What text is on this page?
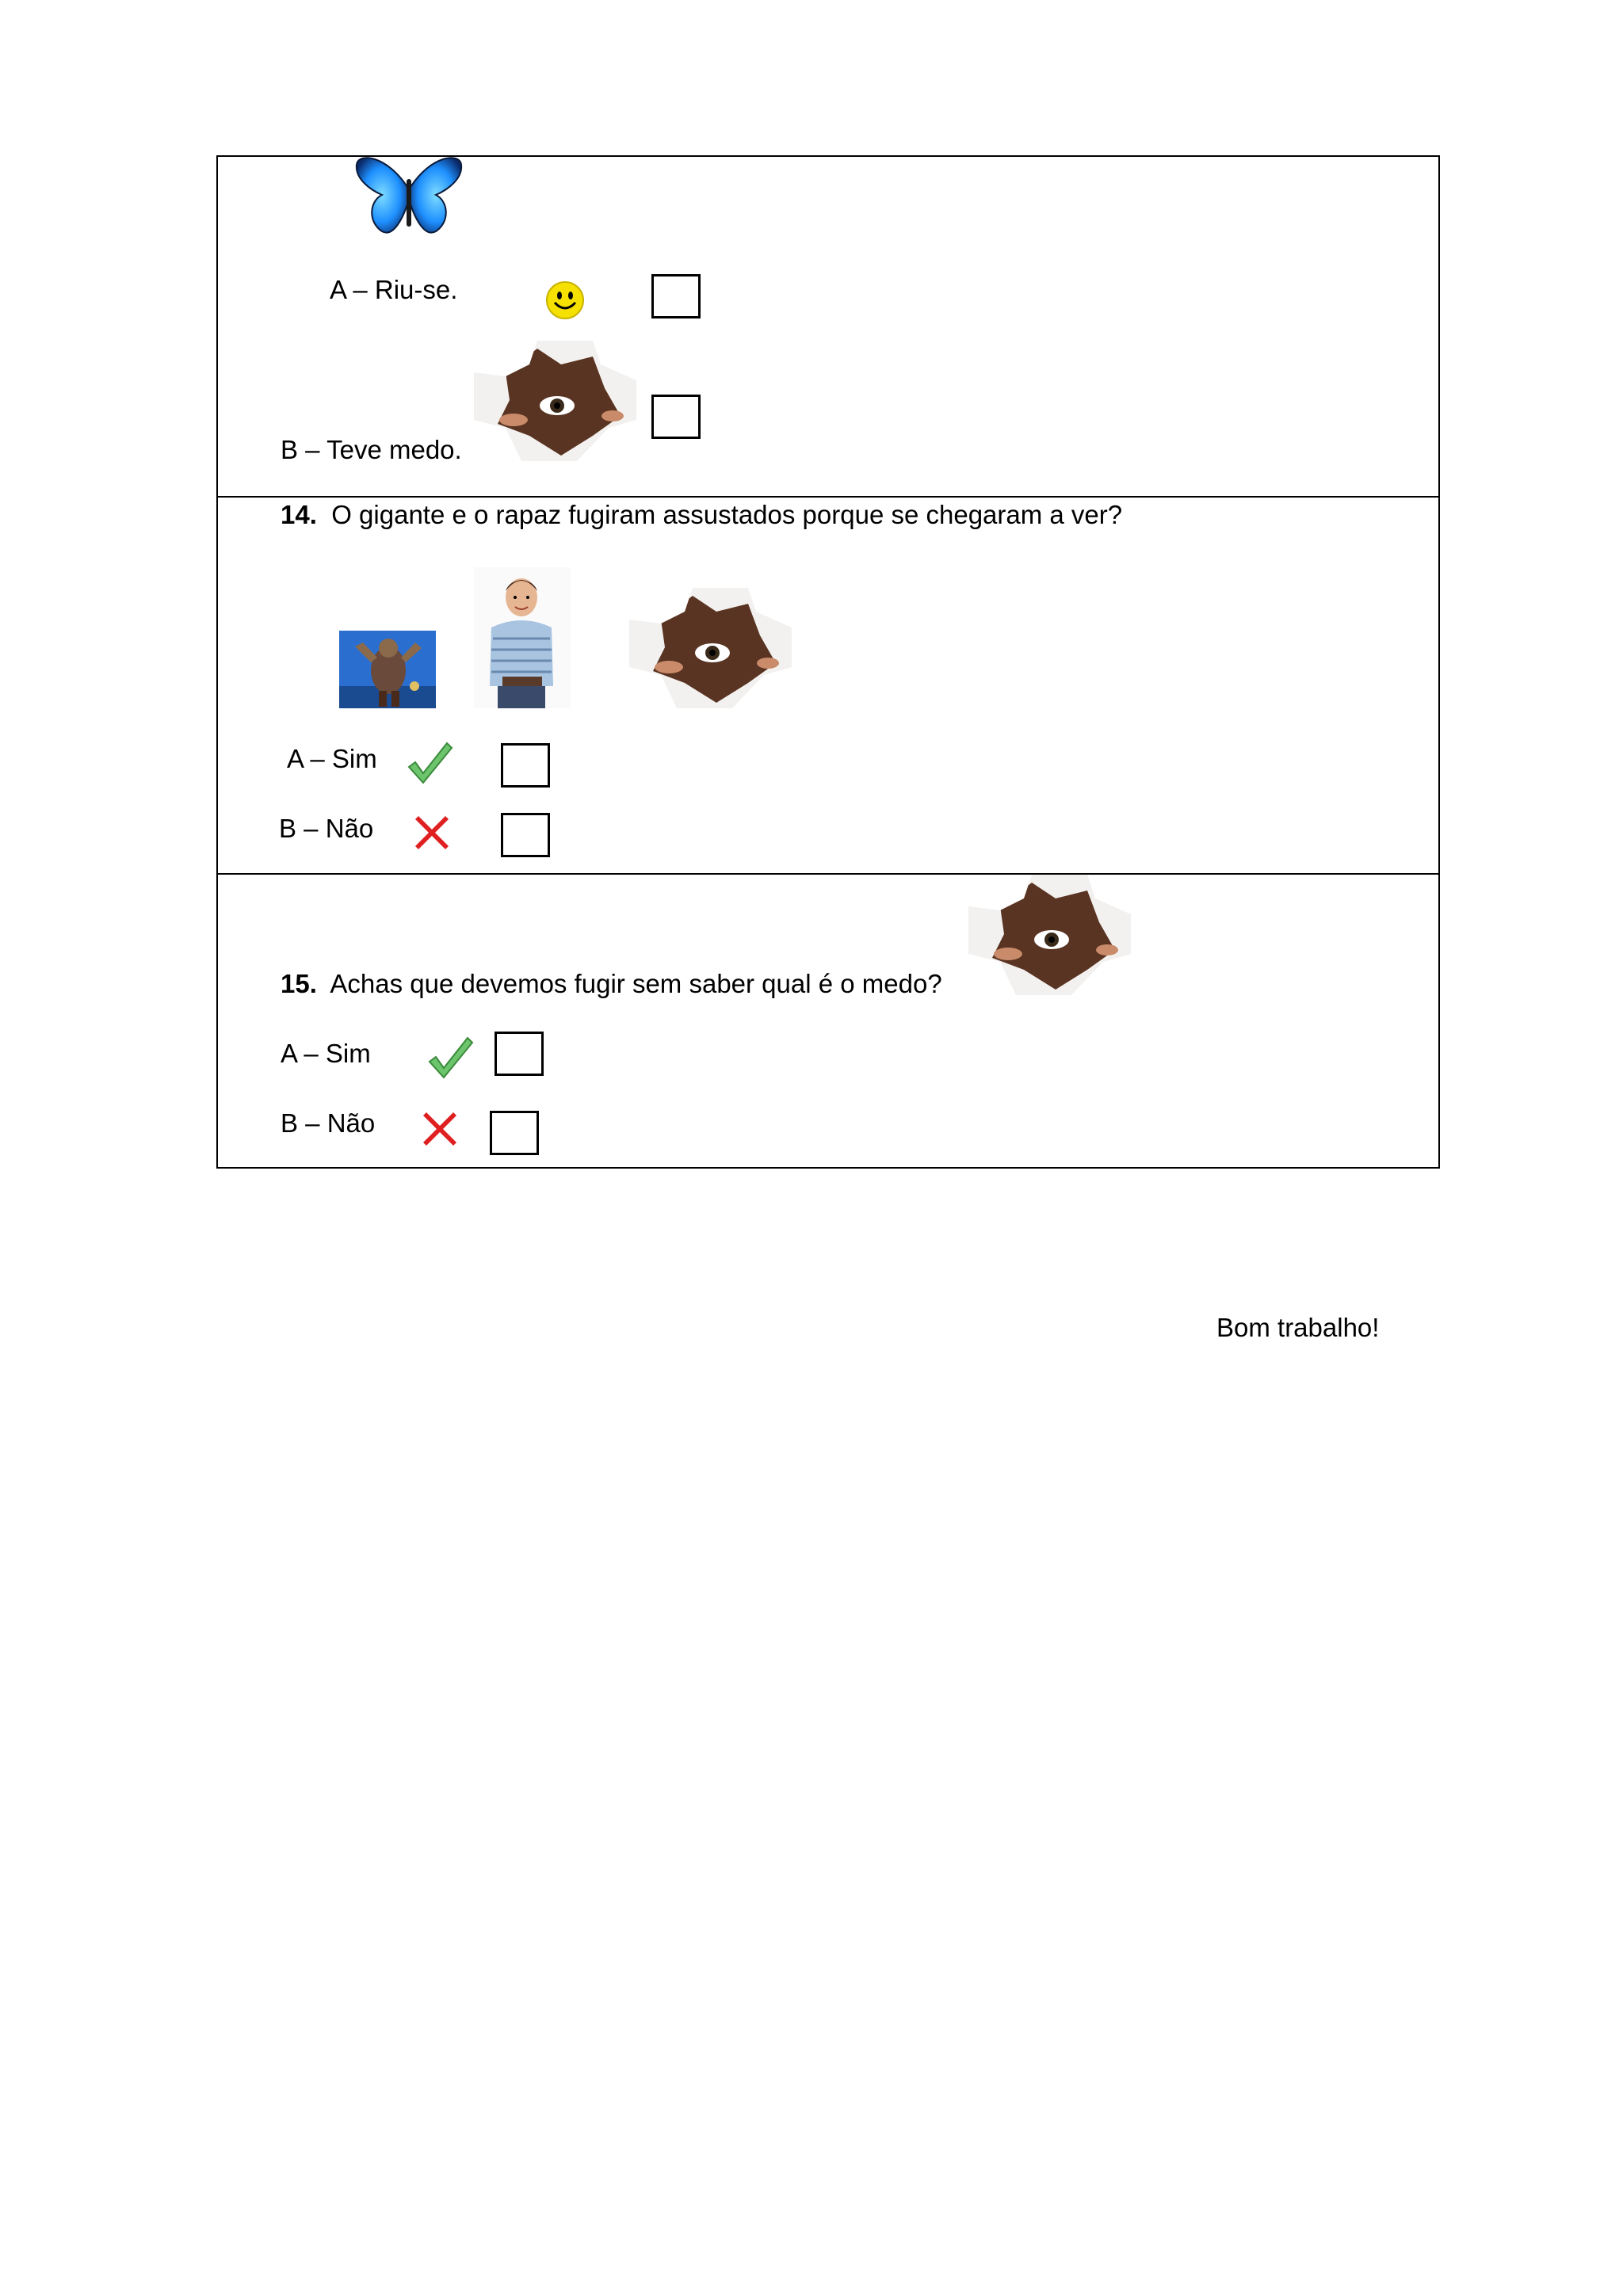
A – Riu-se.
B – Teve medo.
14. O gigante e o rapaz fugiram assustados porque se chegaram a ver?
A – Sim
B – Não
15. Achas que devemos fugir sem saber qual é o medo?
A – Sim
B – Não
Bom trabalho!
